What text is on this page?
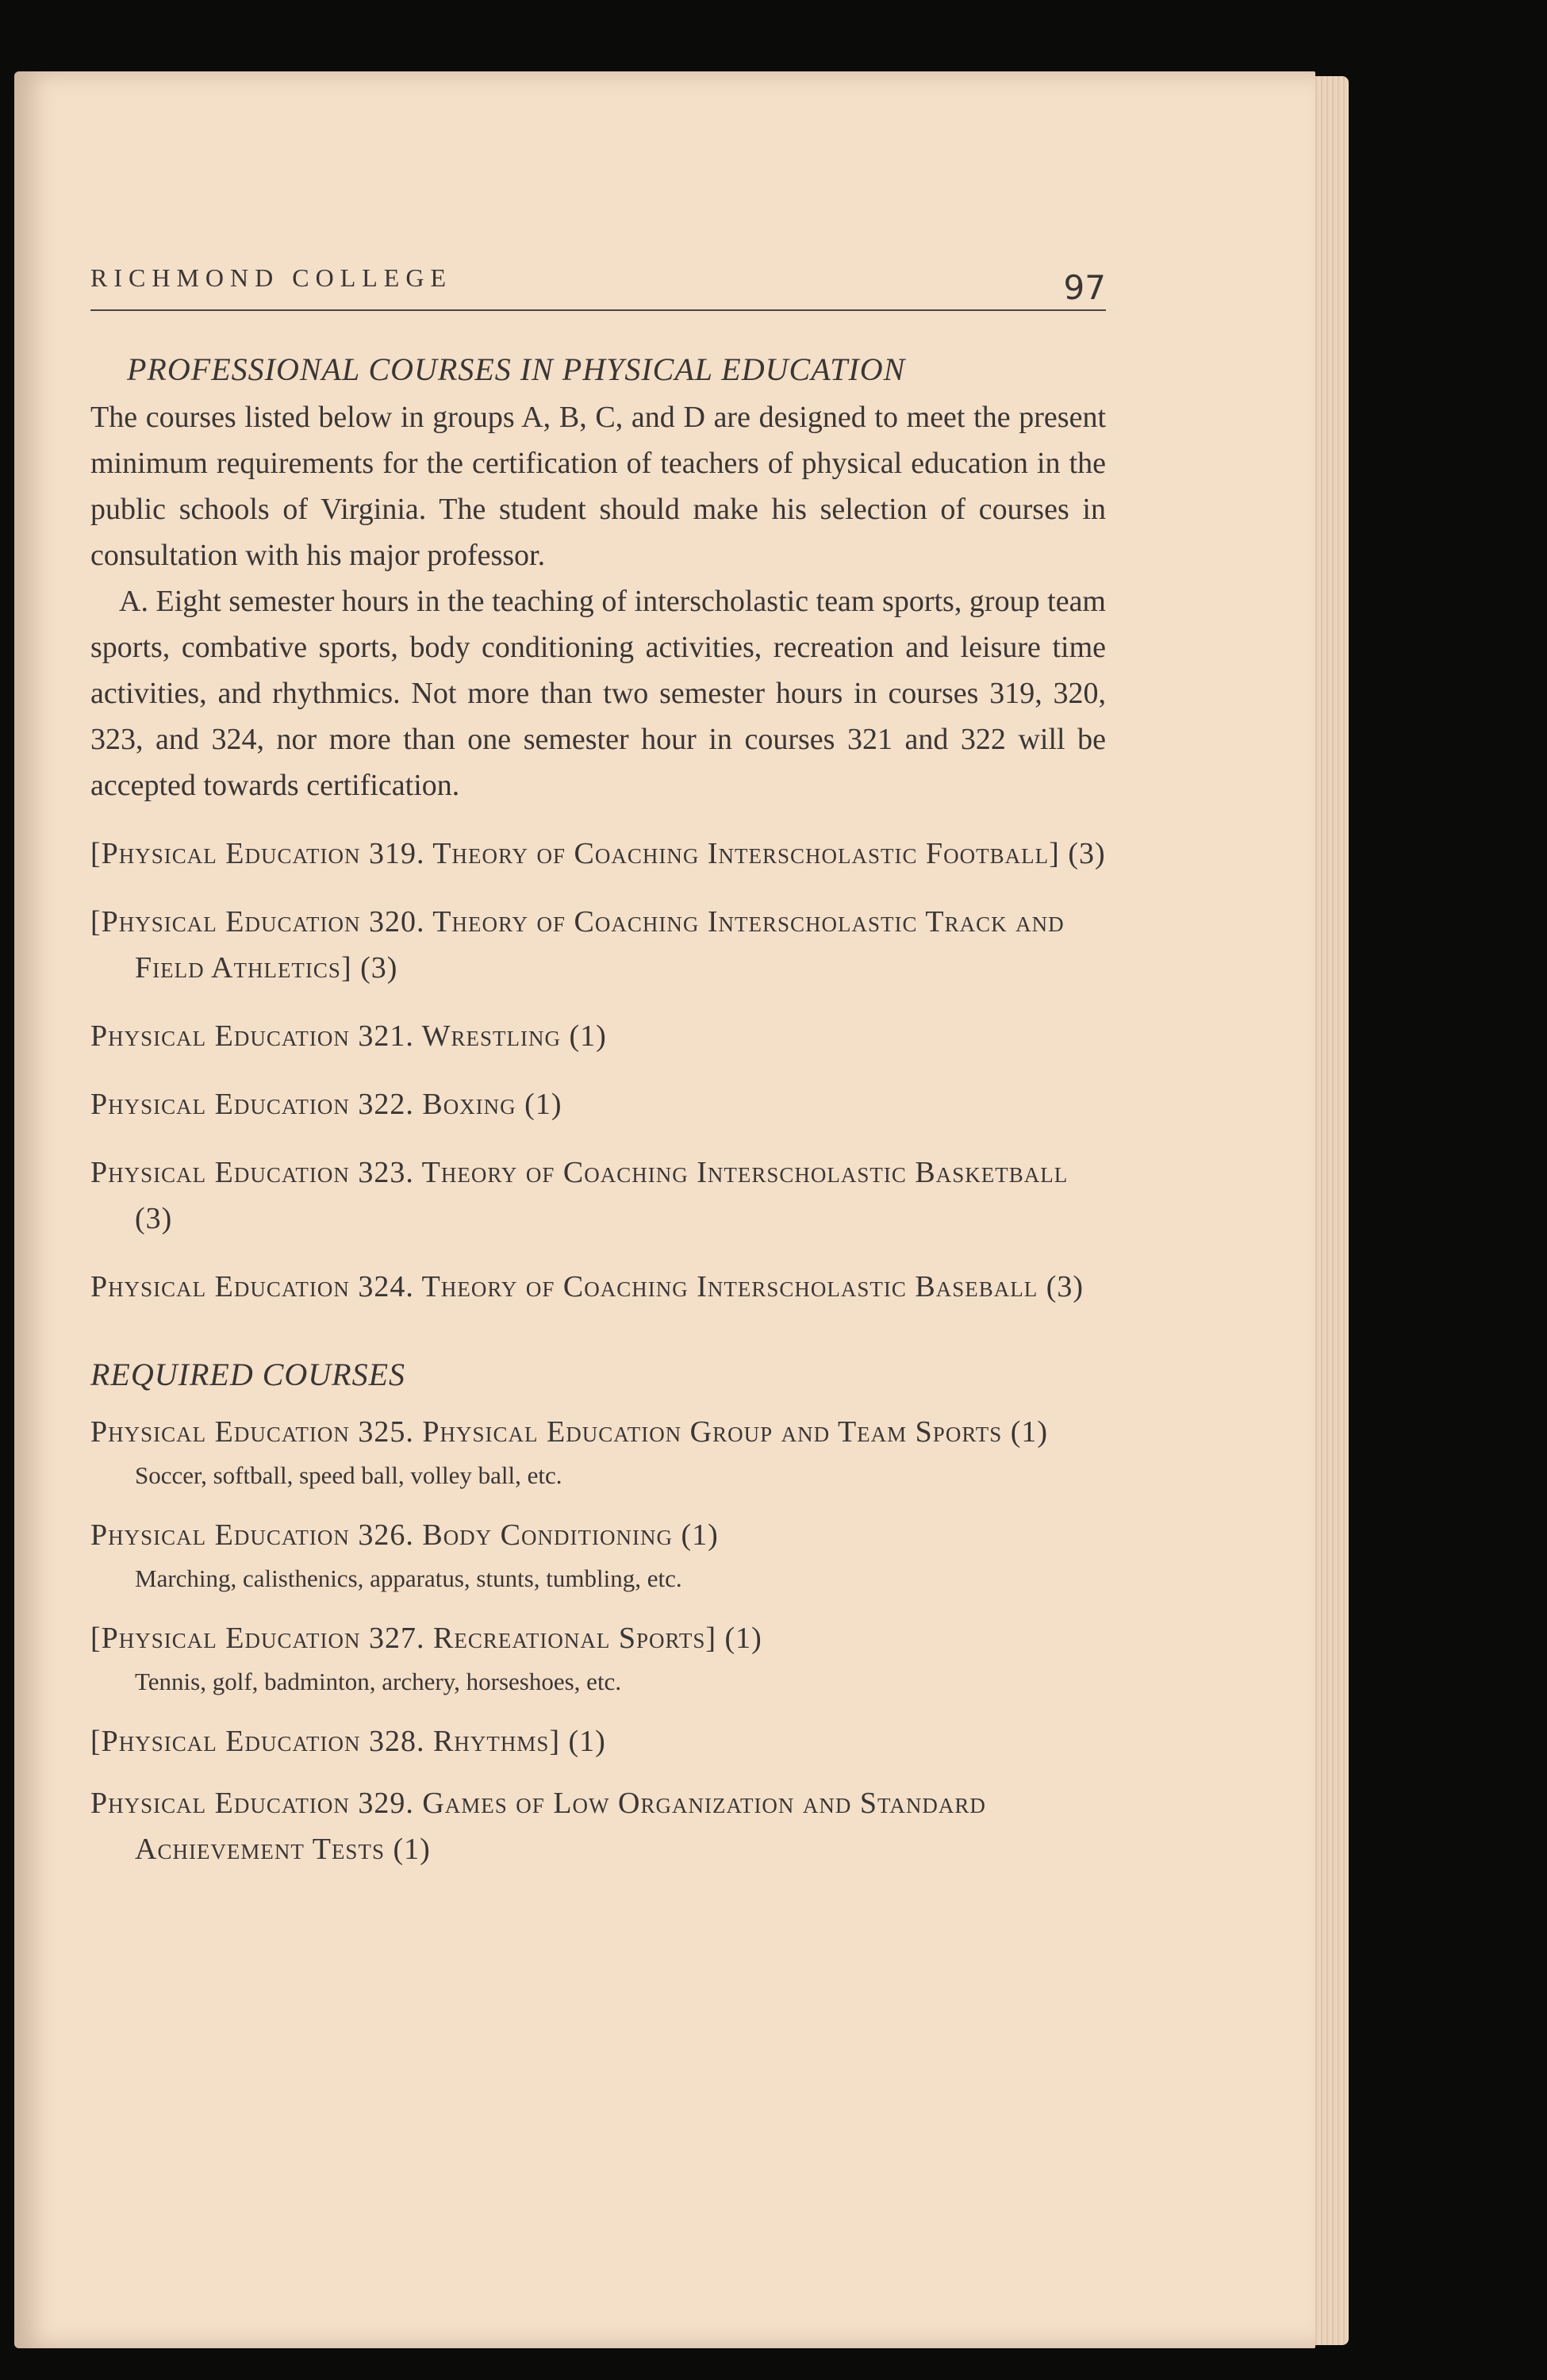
RICHMOND COLLEGE	97
PROFESSIONAL COURSES IN PHYSICAL EDUCATION

The courses listed below in groups A, B, C, and D are designed to meet the present minimum requirements for the certification of teachers of physical education in the public schools of Virginia. The student should make his selection of courses in consultation with his major professor.

A. Eight semester hours in the teaching of interscholastic team sports, group team sports, combative sports, body conditioning activities, recreation and leisure time activities, and rhythmics. Not more than two semester hours in courses 319, 320, 323, and 324, nor more than one semester hour in courses 321 and 322 will be accepted towards certification.

[Physical Education 319. Theory of Coaching Interscholastic Football] (3)
[Physical Education 320. Theory of Coaching Interscholastic Track and Field Athletics] (3)
Physical Education 321. Wrestling (1)
Physical Education 322. Boxing (1)
Physical Education 323. Theory of Coaching Interscholastic Basketball (3)
Physical Education 324. Theory of Coaching Interscholastic Baseball (3)
REQUIRED COURSES
Physical Education 325. Physical Education Group and Team Sports (1)
Soccer, softball, speed ball, volley ball, etc.
Physical Education 326. Body Conditioning (1)
Marching, calisthenics, apparatus, stunts, tumbling, etc.
[Physical Education 327. Recreational Sports] (1)
Tennis, golf, badminton, archery, horseshoes, etc.
[Physical Education 328. Rhythms] (1)
Physical Education 329. Games of Low Organization and Standard Achievement Tests (1)
